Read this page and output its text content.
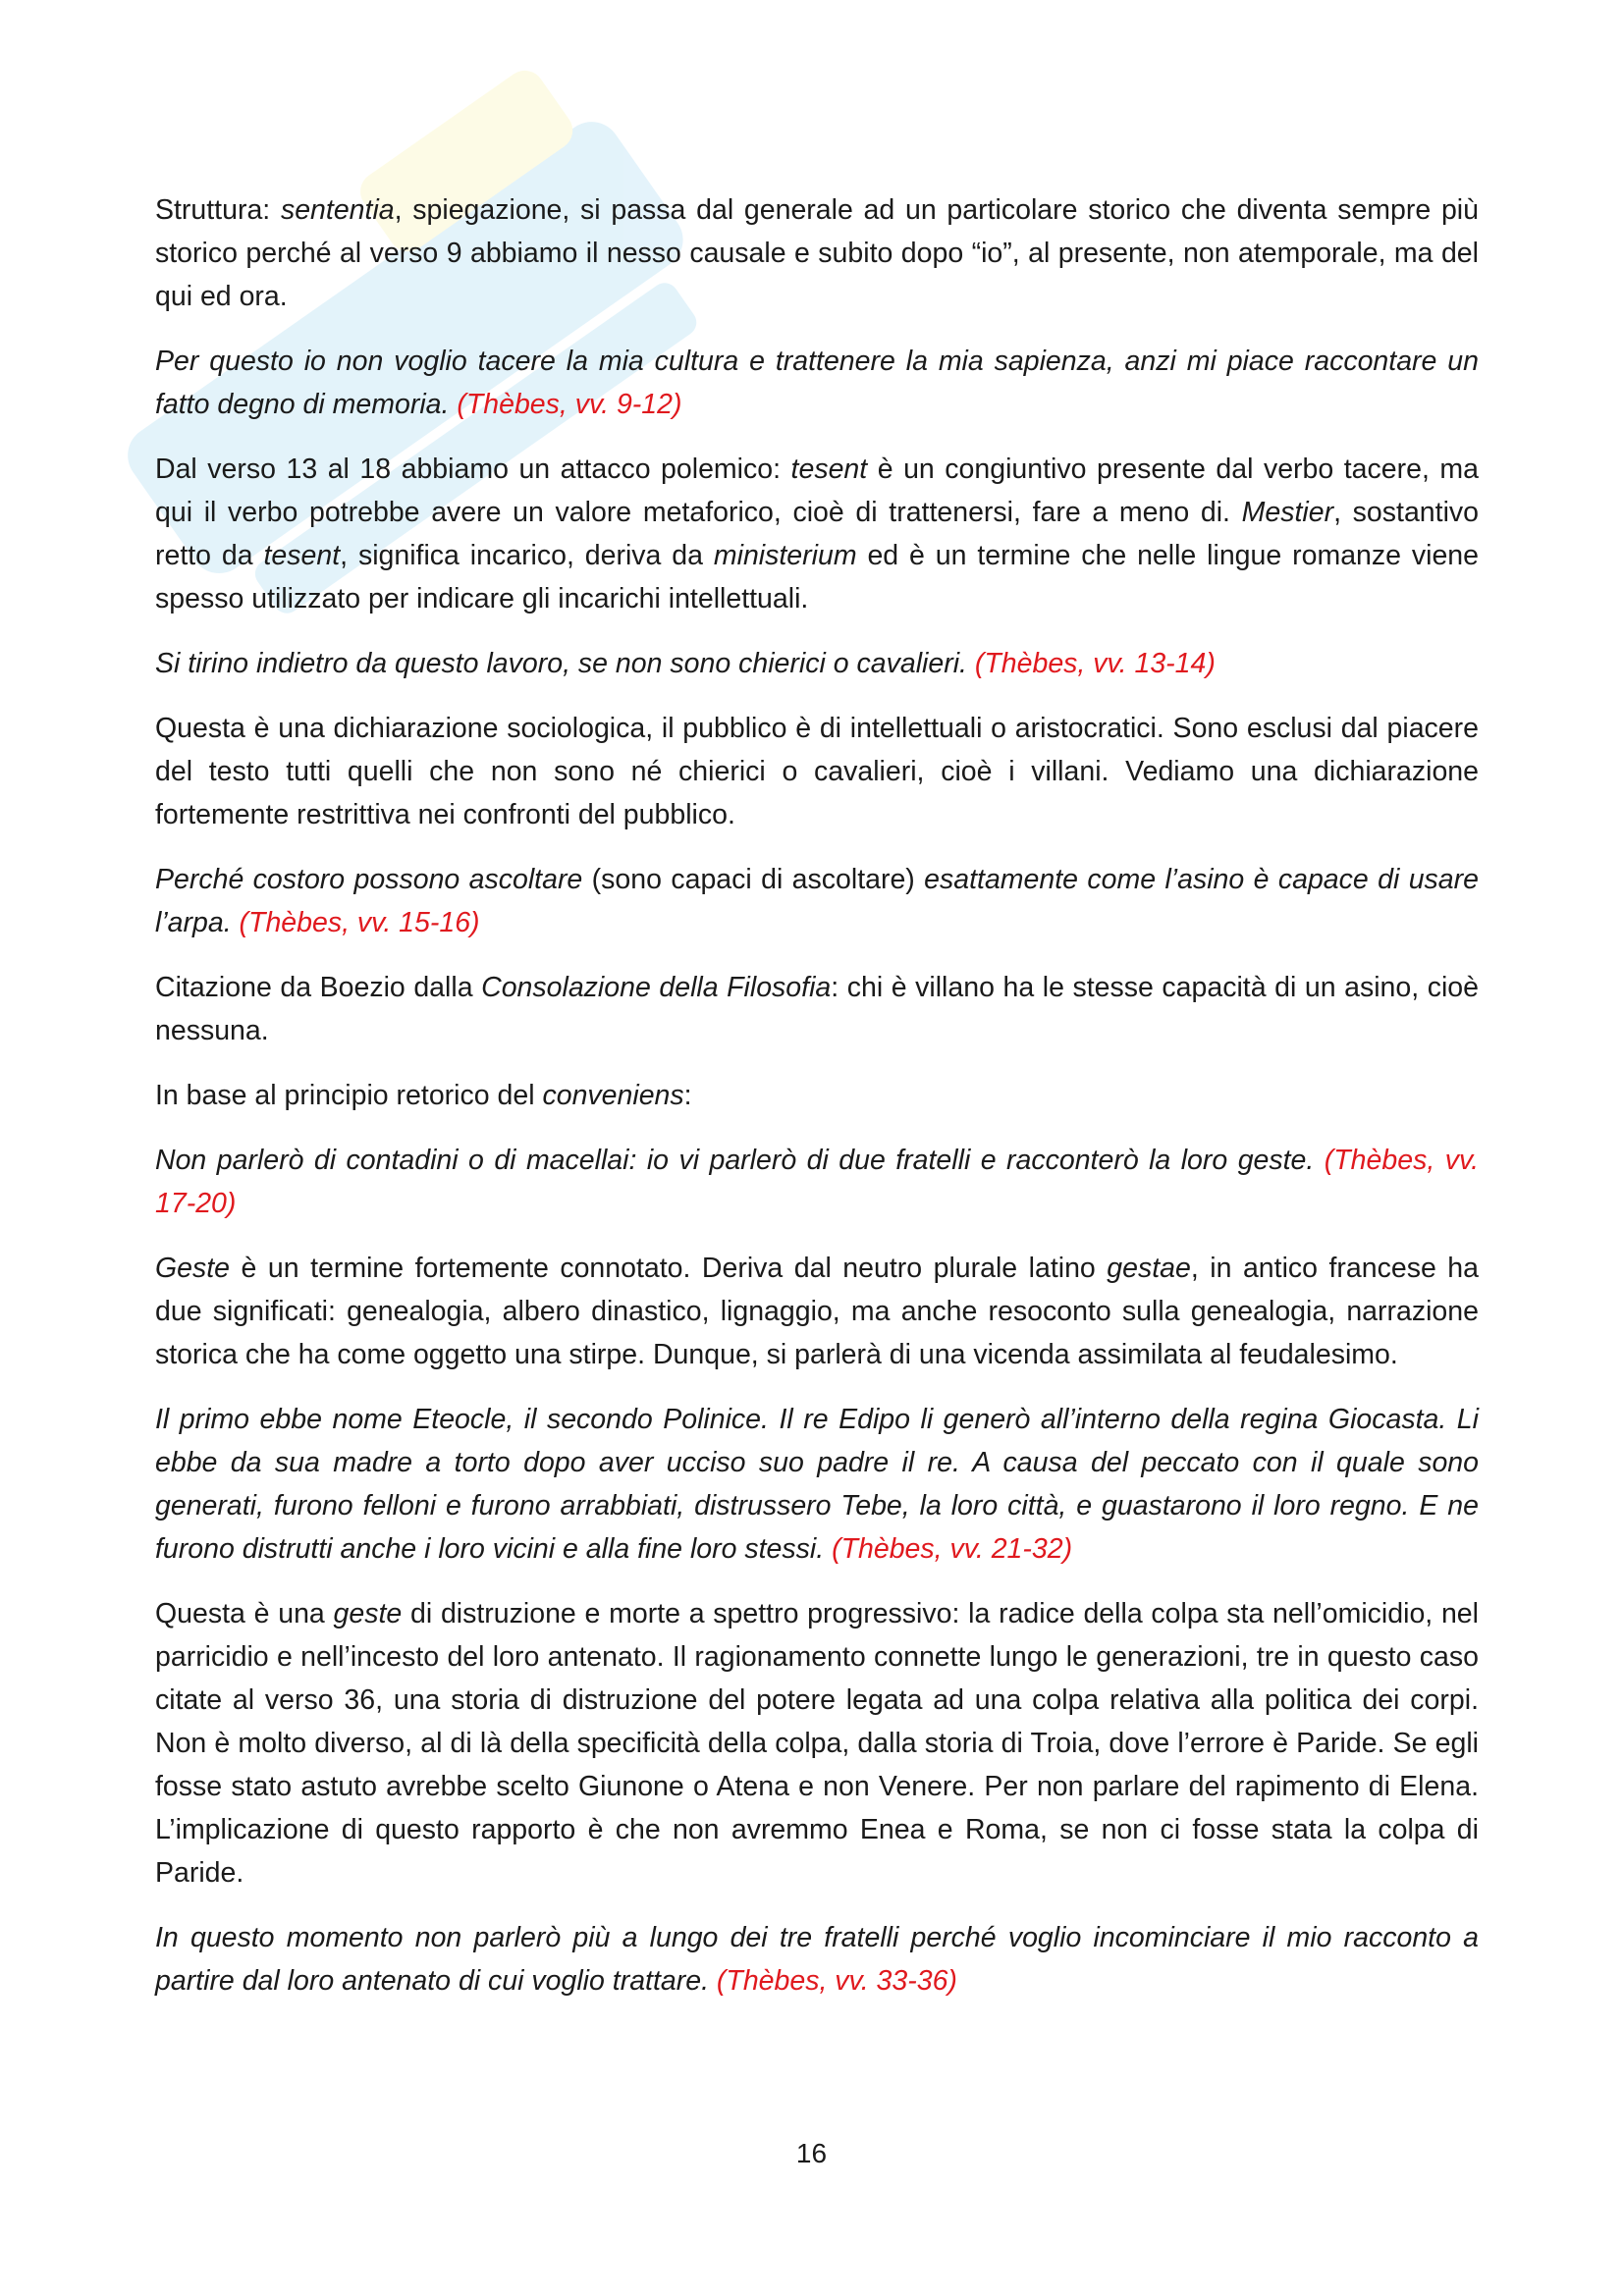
Struttura: sententia, spiegazione, si passa dal generale ad un particolare storico che diventa sempre più storico perché al verso 9 abbiamo il nesso causale e subito dopo “io”, al presente, non atemporale, ma del qui ed ora.

Per questo io non voglio tacere la mia cultura e trattenere la mia sapienza, anzi mi piace raccontare un fatto degno di memoria. (Thèbes, vv. 9-12)

Dal verso 13 al 18 abbiamo un attacco polemico: tesent è un congiuntivo presente dal verbo tacere, ma qui il verbo potrebbe avere un valore metaforico, cioè di trattenersi, fare a meno di. Mestier, sostantivo retto da tesent, significa incarico, deriva da ministerium ed è un termine che nelle lingue romanze viene spesso utilizzato per indicare gli incarichi intellettuali.

Si tirino indietro da questo lavoro, se non sono chierici o cavalieri. (Thèbes, vv. 13-14)

Questa è una dichiarazione sociologica, il pubblico è di intellettuali o aristocratici. Sono esclusi dal piacere del testo tutti quelli che non sono né chierici o cavalieri, cioè i villani. Vediamo una dichiarazione fortemente restrittiva nei confronti del pubblico.

Perché costoro possono ascoltare (sono capaci di ascoltare) esattamente come l’asino è capace di usare l’arpa. (Thèbes, vv. 15-16)

Citazione da Boezio dalla Consolazione della Filosofia: chi è villano ha le stesse capacità di un asino, cioè nessuna.

In base al principio retorico del conveniens:

Non parlerò di contadini o di macellai: io vi parlerò di due fratelli e racconterò la loro geste. (Thèbes, vv. 17-20)

Geste è un termine fortemente connotato. Deriva dal neutro plurale latino gestae, in antico francese ha due significati: genealogia, albero dinastico, lignaggio, ma anche resoconto sulla genealogia, narrazione storica che ha come oggetto una stirpe. Dunque, si parlerà di una vicenda assimilata al feudalesimo.

Il primo ebbe nome Eteocle, il secondo Polinice. Il re Edipo li generò all’interno della regina Giocasta. Li ebbe da sua madre a torto dopo aver ucciso suo padre il re. A causa del peccato con il quale sono generati, furono felloni e furono arrabbiati, distrussero Tebe, la loro città, e guastarono il loro regno. E ne furono distrutti anche i loro vicini e alla fine loro stessi. (Thèbes, vv. 21-32)

Questa è una geste di distruzione e morte a spettro progressivo: la radice della colpa sta nell’omicidio, nel parricidio e nell’incesto del loro antenato. Il ragionamento connette lungo le generazioni, tre in questo caso citate al verso 36, una storia di distruzione del potere legata ad una colpa relativa alla politica dei corpi. Non è molto diverso, al di là della specificità della colpa, dalla storia di Troia, dove l’errore è Paride. Se egli fosse stato astuto avrebbe scelto Giunone o Atena e non Venere. Per non parlare del rapimento di Elena. L’implicazione di questo rapporto è che non avremmo Enea e Roma, se non ci fosse stata la colpa di Paride.

In questo momento non parlerò più a lungo dei tre fratelli perché voglio incominciare il mio racconto a partire dal loro antenato di cui voglio trattare. (Thèbes, vv. 33-36)

16
